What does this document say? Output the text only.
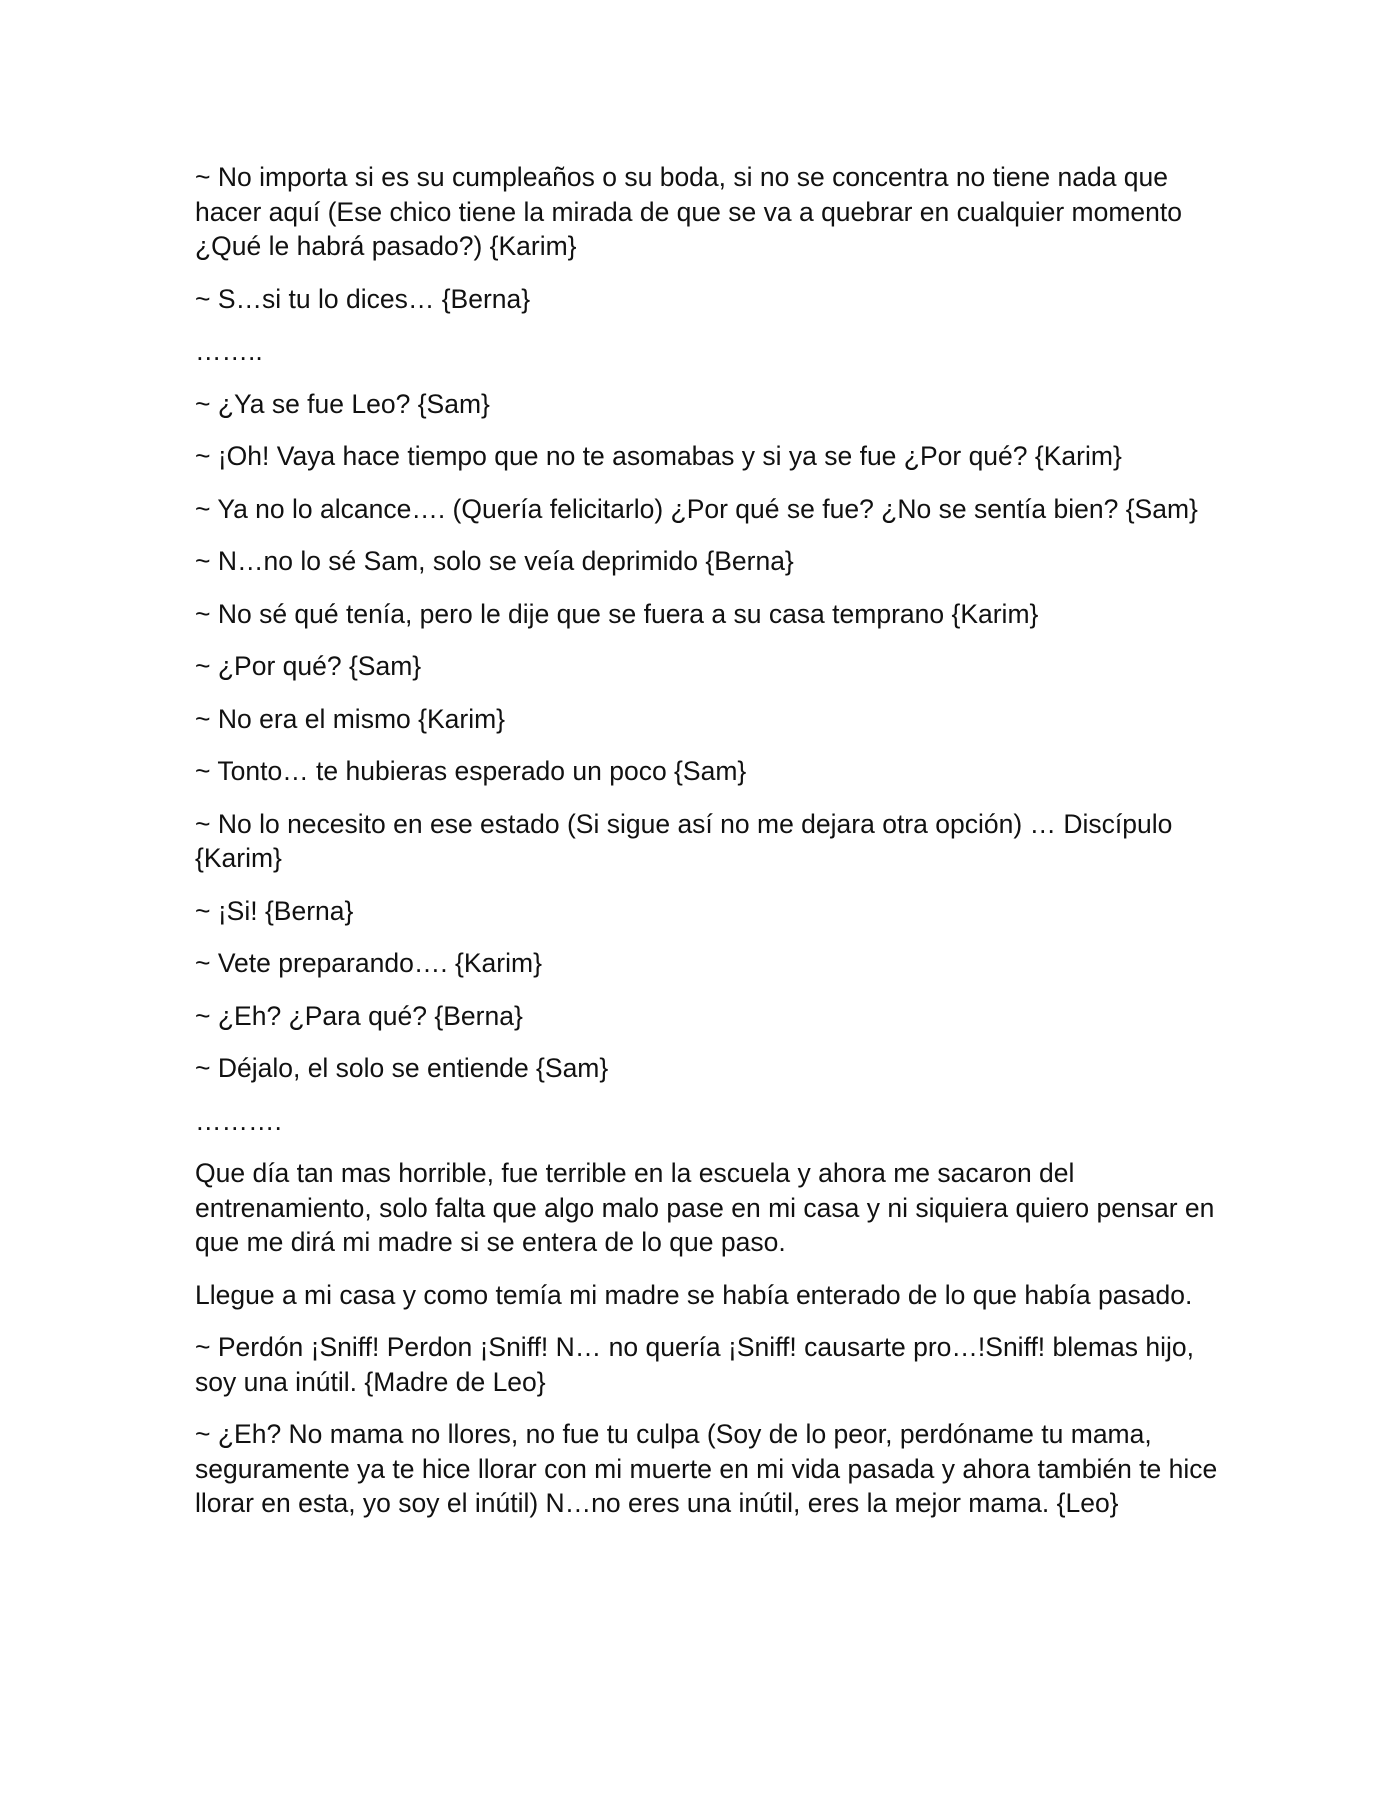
~ No importa si es su cumpleaños o su boda, si no se concentra no tiene nada que hacer aquí (Ese chico tiene la mirada de que se va a quebrar en cualquier momento ¿Qué le habrá pasado?) {Karim}

~ S…si tu lo dices… {Berna}

……..

~ ¿Ya se fue Leo? {Sam}

~ ¡Oh! Vaya hace tiempo que no te asomabas y si ya se fue ¿Por qué? {Karim}

~ Ya no lo alcance…. (Quería felicitarlo) ¿Por qué se fue? ¿No se sentía bien? {Sam}

~ N…no lo sé Sam, solo se veía deprimido {Berna}

~ No sé qué tenía, pero le dije que se fuera a su casa temprano {Karim}

~ ¿Por qué? {Sam}

~ No era el mismo {Karim}

~ Tonto… te hubieras esperado un poco {Sam}

~ No lo necesito en ese estado (Si sigue así no me dejara otra opción) … Discípulo {Karim}

~ ¡Si! {Berna}

~ Vete preparando…. {Karim}

~ ¿Eh? ¿Para qué? {Berna}

~ Déjalo, el solo se entiende {Sam}

……….

Que día tan mas horrible, fue terrible en la escuela y ahora me sacaron del entrenamiento, solo falta que algo malo pase en mi casa y ni siquiera quiero pensar en que me dirá mi madre si se entera de lo que paso.

Llegue a mi casa y como temía mi madre se había enterado de lo que había pasado.

~ Perdón ¡Sniff! Perdon ¡Sniff! N… no quería ¡Sniff! causarte pro…!Sniff! blemas hijo, soy una inútil. {Madre de Leo}

~ ¿Eh? No mama no llores, no fue tu culpa (Soy de lo peor, perdóname tu mama, seguramente ya te hice llorar con mi muerte en mi vida pasada y ahora también te hice llorar en esta, yo soy el inútil) N…no eres una inútil, eres la mejor mama. {Leo}
